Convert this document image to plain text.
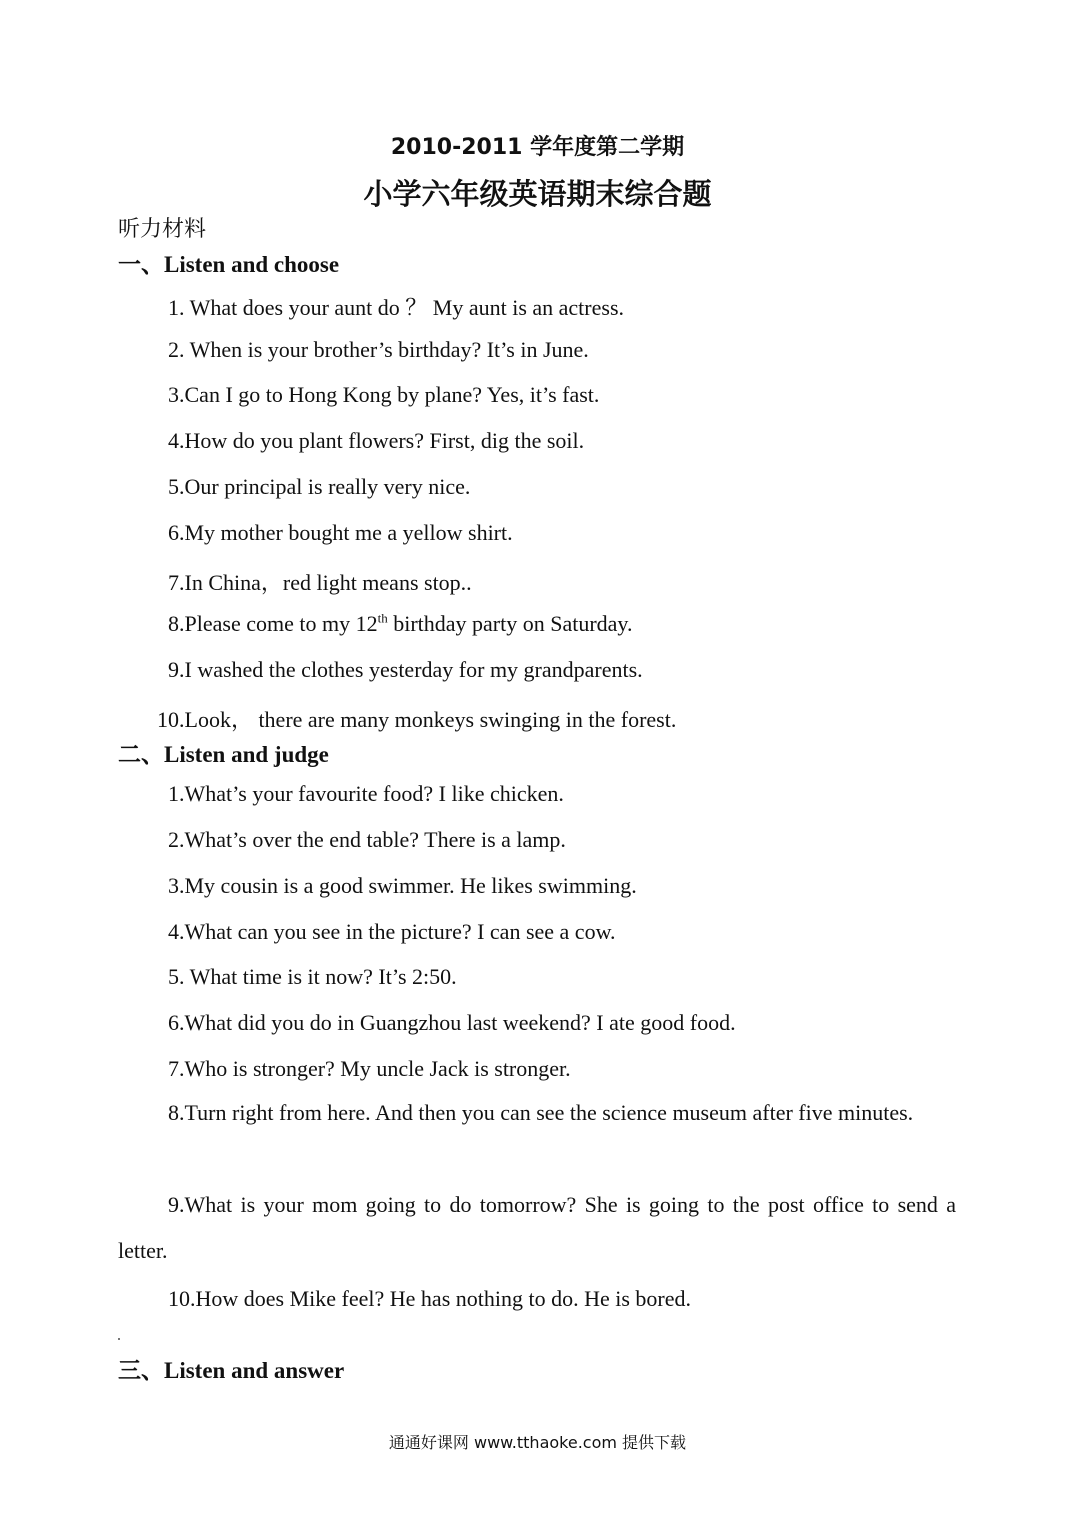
2010-2011 学年度第二学期
小学六年级英语期末综合题
听力材料
一、Listen and choose
1. What does your aunt do ？ My aunt is an actress.
2. When is your brother’s birthday? It’s in June.
3.Can I go to Hong Kong by plane? Yes, it’s fast.
4.How do you plant flowers? First, dig the soil.
5.Our principal is really very nice.
6.My mother bought me a yellow shirt.
7.In China，red light means stop..
8.Please come to my 12th birthday party on Saturday.
9.I washed the clothes yesterday for my grandparents.
10.Look， there are many monkeys swinging in the forest.
二、Listen and judge
1.What’s your favourite food? I like chicken.
2.What’s over the end table? There is a lamp.
3.My cousin is a good swimmer. He likes swimming.
4.What can you see in the picture? I can see a cow.
5. What time is it now? It’s 2:50.
6.What did you do in Guangzhou last weekend? I ate good food.
7.Who is stronger? My uncle Jack is stronger.
8.Turn right from here. And then you can see the science museum after five minutes.
9.What is your mom going to do tomorrow? She is going to the post office to send a letter.
10.How does Mike feel? He has nothing to do. He is bored.
三、Listen and answer
通通好课网 www.tthaoke.com 提供下载
